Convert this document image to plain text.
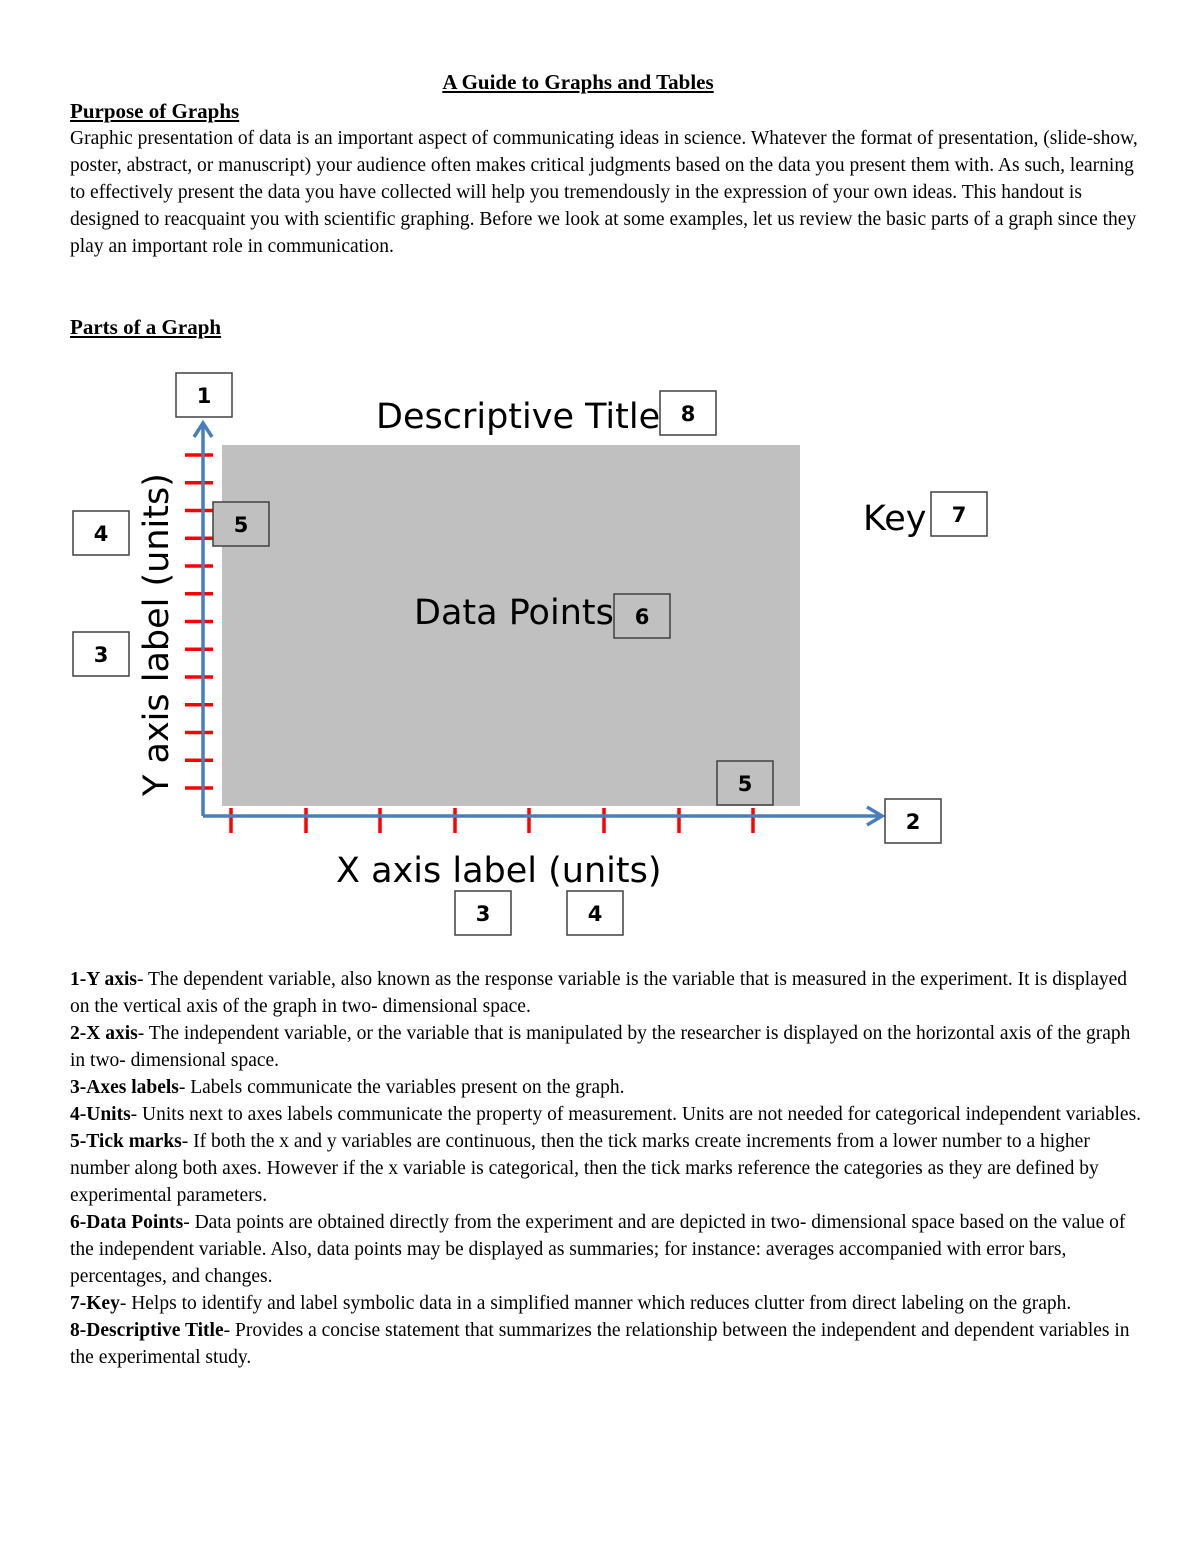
A Guide to Graphs and Tables
Purpose of Graphs
Graphic presentation of data is an important aspect of communicating ideas in science. Whatever the format of presentation, (slide-show, poster, abstract, or manuscript) your audience often makes critical judgments based on the data you present them with. As such, learning to effectively present the data you have collected will help you tremendously in the expression of your own ideas. This handout is designed to reacquaint you with scientific graphing. Before we look at some examples, let us review the basic parts of a graph since they play an important role in communication.
Parts of a Graph
Descriptive Title
Key
Data Points
X axis label (units)
Y axis label (units)
1
8
4	5
6
7
3
5
2
3	4

1-Y axis- The dependent variable, also known as the response variable is the variable that is measured in the experiment. It is displayed on the vertical axis of the graph in two- dimensional space.

2-X axis- The independent variable, or the variable that is manipulated by the researcher is displayed on the horizontal axis of the graph in two- dimensional space.

3-Axes labels- Labels communicate the variables present on the graph.

4-Units- Units next to axes labels communicate the property of measurement. Units are not needed for categorical independent variables.

5-Tick marks- If both the x and y variables are continuous, then the tick marks create increments from a lower number to a higher number along both axes. However if the x variable is categorical, then the tick marks reference the categories as they are defined by experimental parameters.

6-Data Points- Data points are obtained directly from the experiment and are depicted in two- dimensional space based on the value of the independent variable. Also, data points may be displayed as summaries; for instance: averages accompanied with error bars, percentages, and changes.

7-Key- Helps to identify and label symbolic data in a simplified manner which reduces clutter from direct labeling on the graph.

8-Descriptive Title- Provides a concise statement that summarizes the relationship between the independent and dependent variables in the experimental study.
